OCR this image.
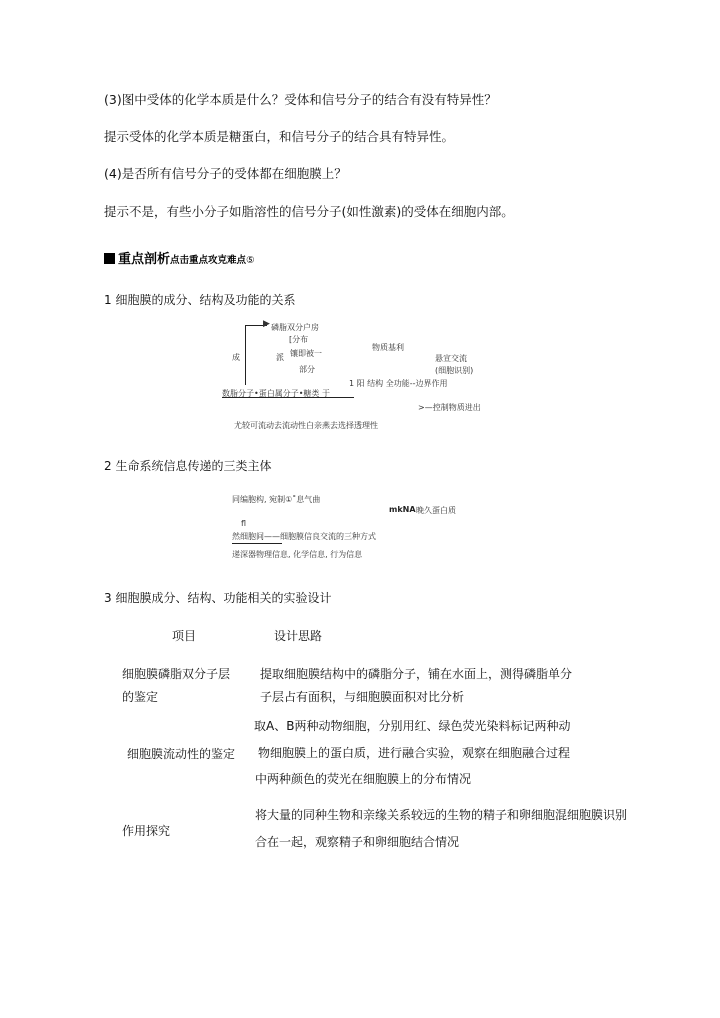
(3)图中受体的化学本质是什么？受体和信号分子的结合有没有特异性？
提示受体的化学本质是糖蛋白，和信号分子的结合具有特异性。
(4)是否所有信号分子的受体都在细胞膜上？
提示不是，有些小分子如脂溶性的信号分子(如性激素)的受体在细胞内部。
重点剖析点击重点攻克难点⑤
1 细胞膜的成分、结构及功能的关系
▶ 磷脂双分户房
[分布
镶即被一
部分
成	派
物质基利
悬宣交流
(细胞识别)
1 阳 结构 全功能--边界作用
数脂分子•蛋白属分子•糖类 于
>—控制物质进出
尤较可流动去流动性白亲燕去选择透理性
2 生命系统信息传递的三类主体
同编胞构, 宛制①˚息气曲
mkNA 晚久蛋白质
fl
然细胞间——细胞膜信良交流的三种方式
递深器物理信息, 化学信息, 行为信息
3 细胞膜成分、结构、功能相关的实验设计
项目	设计思路
细胞膜磷脂双分子层
的鉴定
提取细胞膜结构中的磷脂分子，铺在水面上，测得磷脂单分
子层占有面积，与细胞膜面积对比分析
细胞膜流动性的鉴定
取A、B两种动物细胞，分别用红、绿色荧光染料标记两种动
物细胞膜上的蛋白质，进行融合实验，观察在细胞融合过程
中两种颜色的荧光在细胞膜上的分布情况
作用探究
将大量的同种生物和亲缘关系较远的生物的精子和卵细胞混细胞膜识别
合在一起，观察精子和卵细胞结合情况
